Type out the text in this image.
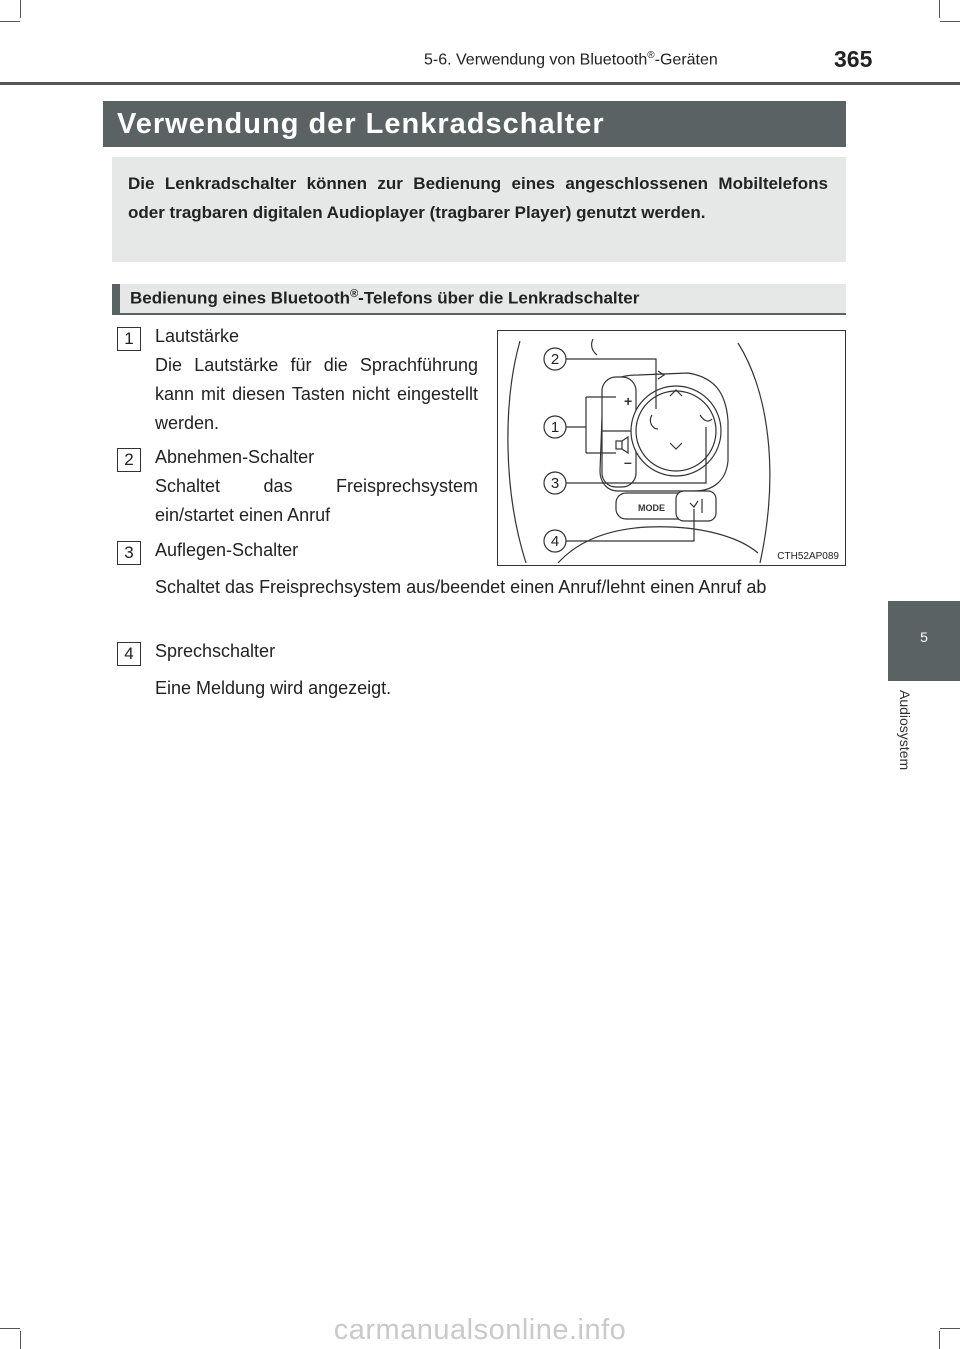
5-6. Verwendung von Bluetooth®-Geräten	365
5
Audiosystem
Verwendung der Lenkradschalter
Die Lenkradschalter können zur Bedienung eines angeschlossenen Mobiltelefons oder tragbaren digitalen Audioplayer (tragbarer Player) genutzt werden.
Bedienung eines Bluetooth®-Telefons über die Lenkradschalter
1	Lautstärke
Die Lautstärke für die Sprachführung kann mit diesen Tasten nicht eingestellt werden.
2	Abnehmen-Schalter
Schaltet das Freisprechsystem ein/startet einen Anruf
3	Auflegen-Schalter
Schaltet das Freisprechsystem aus/beendet einen Anruf/lehnt einen Anruf ab
4	Sprechschalter
Eine Meldung wird angezeigt.
+
–
MODE
2
1
3
4
CTH52AP089
carmanualsonline.info
